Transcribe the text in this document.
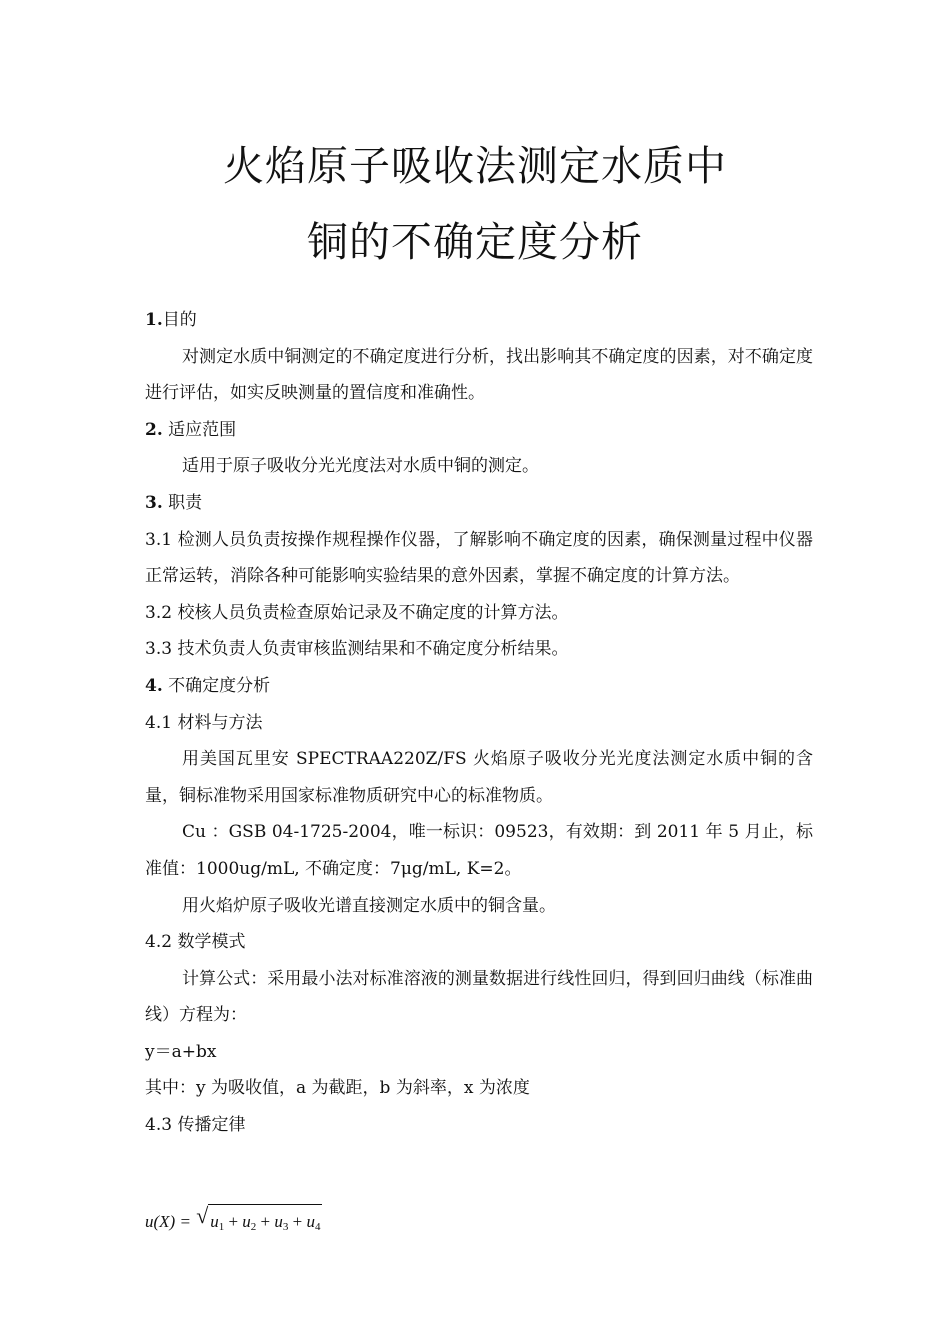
火焰原子吸收法测定水质中
铜的不确定度分析

1.目的

对测定水质中铜测定的不确定度进行分析，找出影响其不确定度的因素，对不确定度进行评估，如实反映测量的置信度和准确性。

2. 适应范围

适用于原子吸收分光光度法对水质中铜的测定。

3. 职责

3.1 检测人员负责按操作规程操作仪器，了解影响不确定度的因素，确保测量过程中仪器正常运转，消除各种可能影响实验结果的意外因素，掌握不确定度的计算方法。

3.2 校核人员负责检查原始记录及不确定度的计算方法。

3.3 技术负责人负责审核监测结果和不确定度分析结果。

4. 不确定度分析

4.1 材料与方法

用美国瓦里安 SPECTRAA220Z/FS 火焰原子吸收分光光度法测定水质中铜的含量，铜标准物采用国家标准物质研究中心的标准物质。

Cu ：GSB 04-1725-2004，唯一标识：09523，有效期：到 2011 年 5 月止，标准值：1000ug/mL, 不确定度：7μg/mL, K=2。

用火焰炉原子吸收光谱直接测定水质中的铜含量。

4.2 数学模式

计算公式：采用最小法对标准溶液的测量数据进行线性回归，得到回归曲线（标准曲线）方程为：

y＝a+bx

其中：y 为吸收值，a 为截距，b 为斜率，x 为浓度

4.3 传播定律

u(X) = √ $u_1 + u_2 + u_3 + u_4$
